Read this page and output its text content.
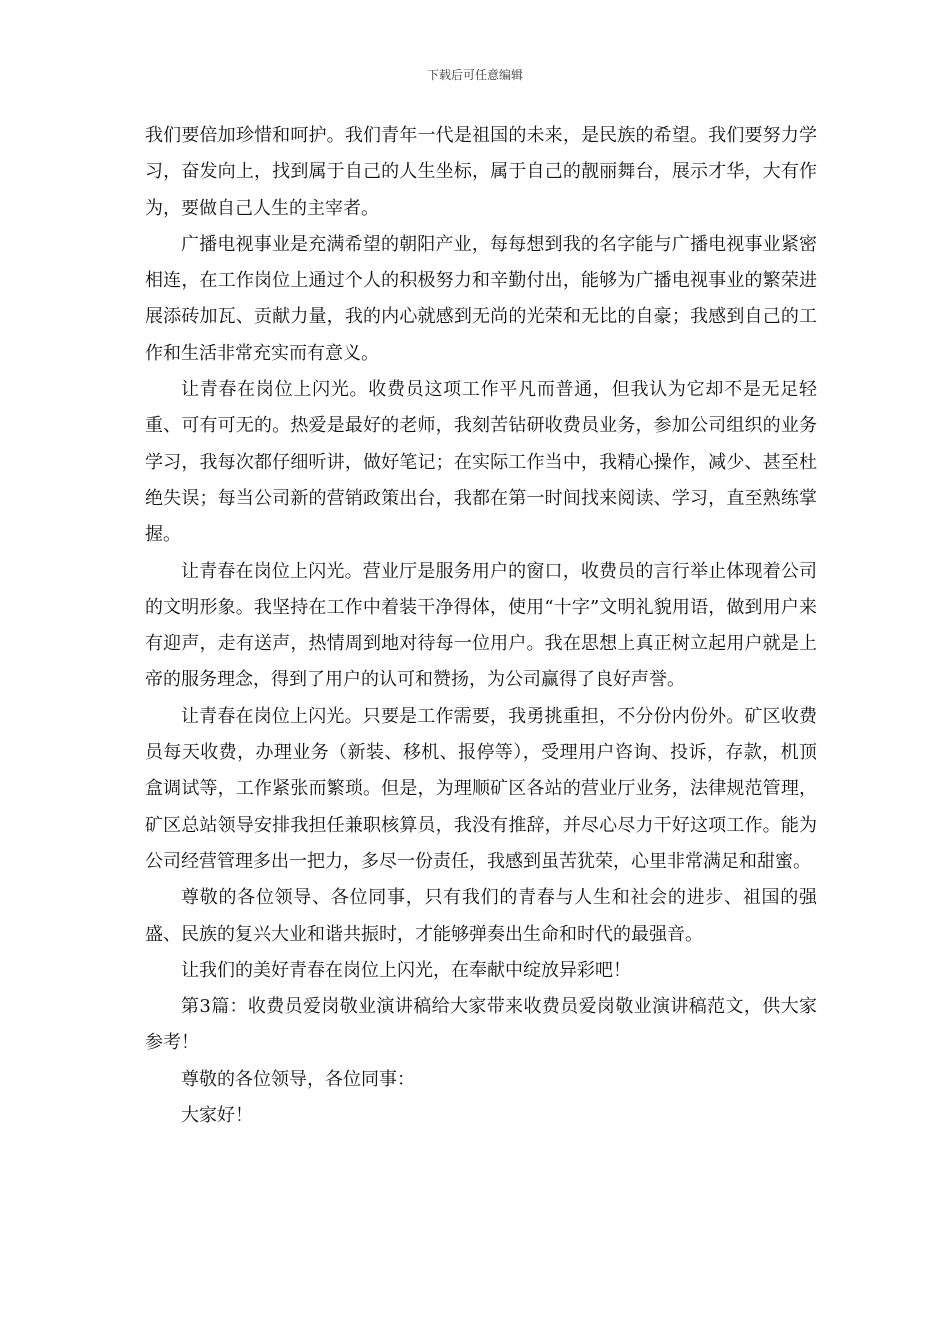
下载后可任意编辑

我们要倍加珍惜和呵护。我们青年一代是祖国的未来，是民族的希望。我们要努力学习，奋发向上，找到属于自己的人生坐标，属于自己的靓丽舞台，展示才华，大有作为，要做自己人生的主宰者。

广播电视事业是充满希望的朝阳产业，每每想到我的名字能与广播电视事业紧密相连，在工作岗位上通过个人的积极努力和辛勤付出，能够为广播电视事业的繁荣进展添砖加瓦、贡献力量，我的内心就感到无尚的光荣和无比的自豪；我感到自己的工作和生活非常充实而有意义。

让青春在岗位上闪光。收费员这项工作平凡而普通，但我认为它却不是无足轻重、可有可无的。热爱是最好的老师，我刻苦钻研收费员业务，参加公司组织的业务学习，我每次都仔细听讲，做好笔记；在实际工作当中，我精心操作，减少、甚至杜绝失误；每当公司新的营销政策出台，我都在第一时间找来阅读、学习，直至熟练掌握。

让青春在岗位上闪光。营业厅是服务用户的窗口，收费员的言行举止体现着公司的文明形象。我坚持在工作中着装干净得体，使用“十字”文明礼貌用语，做到用户来有迎声，走有送声，热情周到地对待每一位用户。我在思想上真正树立起用户就是上帝的服务理念，得到了用户的认可和赞扬，为公司赢得了良好声誉。

让青春在岗位上闪光。只要是工作需要，我勇挑重担，不分份内份外。矿区收费员每天收费，办理业务（新装、移机、报停等），受理用户咨询、投诉，存款，机顶盒调试等，工作紧张而繁琐。但是，为理顺矿区各站的营业厅业务，法律规范管理，矿区总站领导安排我担任兼职核算员，我没有推辞，并尽心尽力干好这项工作。能为公司经营管理多出一把力，多尽一份责任，我感到虽苦犹荣，心里非常满足和甜蜜。

尊敬的各位领导、各位同事，只有我们的青春与人生和社会的进步、祖国的强盛、民族的复兴大业和谐共振时，才能够弹奏出生命和时代的最强音。

让我们的美好青春在岗位上闪光，在奉献中绽放异彩吧！

第3篇：收费员爱岗敬业演讲稿给大家带来收费员爱岗敬业演讲稿范文，供大家参考！

尊敬的各位领导，各位同事：

大家好！
